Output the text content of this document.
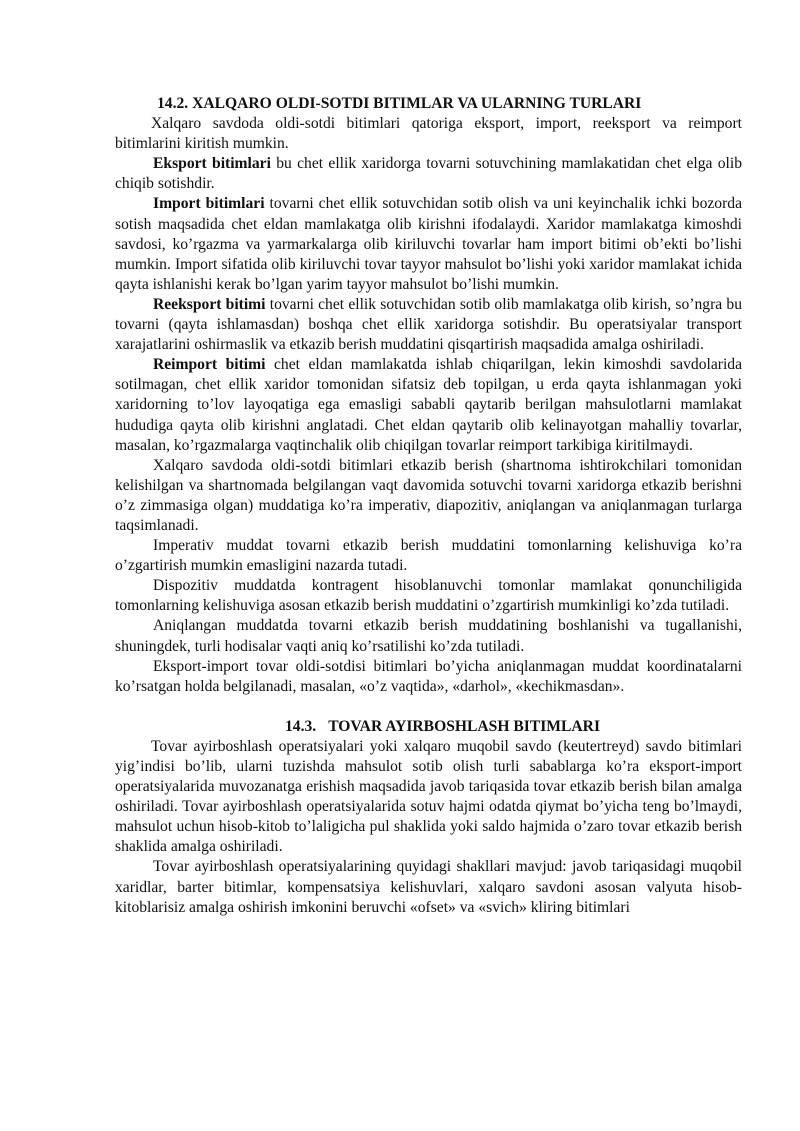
14.2. XALQARO OLDI-SOTDI BITIMLAR VA ULARNING TURLARI

Xalqaro savdoda oldi-sotdi bitimlari qatoriga eksport, import, reeksport va reimport bitimlarini kiritish mumkin.

Eksport bitimlari bu chet ellik xaridorga tovarni sotuvchining mamlakatidan chet elga olib chiqib sotishdir.

Import bitimlari tovarni chet ellik sotuvchidan sotib olish va uni keyinchalik ichki bozorda sotish maqsadida chet eldan mamlakatga olib kirishni ifodalaydi. Xaridor mamlakatga kimoshdi savdosi, ko’rgazma va yarmarkalarga olib kiriluvchi tovarlar ham import bitimi ob’ekti bo’lishi mumkin. Import sifatida olib kiriluvchi tovar tayyor mahsulot bo’lishi yoki xaridor mamlakat ichida qayta ishlanishi kerak bo’lgan yarim tayyor mahsulot bo’lishi mumkin.

Reeksport bitimi tovarni chet ellik sotuvchidan sotib olib mamlakatga olib kirish, so’ngra bu tovarni (qayta ishlamasdan) boshqa chet ellik xaridorga sotishdir. Bu operatsiyalar transport xarajatlarini oshirmaslik va etkazib berish muddatini qisqartirish maqsadida amalga oshiriladi.

Reimport bitimi chet eldan mamlakatda ishlab chiqarilgan, lekin kimoshdi savdolarida sotilmagan, chet ellik xaridor tomonidan sifatsiz deb topilgan, u erda qayta ishlanmagan yoki xaridorning to’lov layoqatiga ega emasligi sababli qaytarib berilgan mahsulotlarni mamlakat hududiga qayta olib kirishni anglatadi. Chet eldan qaytarib olib kelinayotgan mahalliy tovarlar, masalan, ko’rgazmalarga vaqtinchalik olib chiqilgan tovarlar reimport tarkibiga kiritilmaydi.

Xalqaro savdoda oldi-sotdi bitimlari etkazib berish (shartnoma ishtirokchilari tomonidan kelishilgan va shartnomada belgilangan vaqt davomida sotuvchi tovarni xaridorga etkazib berishni o’z zimmasiga olgan) muddatiga ko’ra imperativ, diapozitiv, aniqlangan va aniqlanmagan turlarga taqsimlanadi.

Imperativ muddat tovarni etkazib berish muddatini tomonlarning kelishuviga ko’ra o’zgartirish mumkin emasligini nazarda tutadi.

Dispozitiv muddatda kontragent hisoblanuvchi tomonlar mamlakat qonunchiligida tomonlarning kelishuviga asosan etkazib berish muddatini o’zgartirish mumkinligi ko’zda tutiladi.

Aniqlangan muddatda tovarni etkazib berish muddatining boshlanishi va tugallanishi, shuningdek, turli hodisalar vaqti aniq ko’rsatilishi ko’zda tutiladi.

Eksport-import tovar oldi-sotdisi bitimlari bo’yicha aniqlanmagan muddat koordinatalarni ko’rsatgan holda belgilanadi, masalan, «o’z vaqtida», «darhol», «kechikmasdan».

14.3. TOVAR AYIRBOSHLASH BITIMLARI

Tovar ayirboshlash operatsiyalari yoki xalqaro muqobil savdo (keutertreyd) savdo bitimlari yig’indisi bo’lib, ularni tuzishda mahsulot sotib olish turli sabablarga ko’ra eksport-import operatsiyalarida muvozanatga erishish maqsadida javob tariqasida tovar etkazib berish bilan amalga oshiriladi. Tovar ayirboshlash operatsiyalarida sotuv hajmi odatda qiymat bo’yicha teng bo’lmaydi, mahsulot uchun hisob-kitob to’laligicha pul shaklida yoki saldo hajmida o’zaro tovar etkazib berish shaklida amalga oshiriladi.

Tovar ayirboshlash operatsiyalarining quyidagi shakllari mavjud: javob tariqasidagi muqobil xaridlar, barter bitimlar, kompensatsiya kelishuvlari, xalqaro savdoni asosan valyuta hisob-kitoblarisiz amalga oshirish imkonini beruvchi «ofset» va «svich» kliring bitimlari
